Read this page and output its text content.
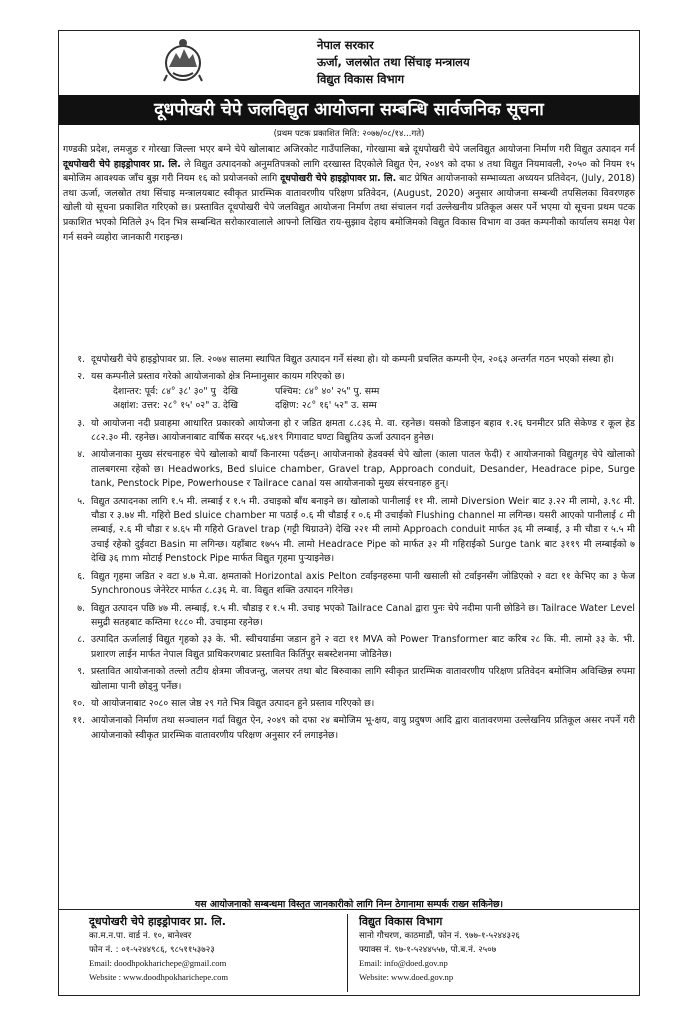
नेपाल सरकार
ऊर्जा, जलस्रोत तथा सिंचाइ मन्त्रालय
विद्युत विकास विभाग
दूधपोखरी चेपे जलविद्युत आयोजना सम्बन्धि सार्वजनिक सूचना
(प्रथम पटक प्रकाशित मिति: २०७७/०८/१४...गते)
गण्डकी प्रदेश, लमजुङ र गोरखा जिल्ला भएर बग्ने चेपे खोलाबाट अजिरकोट गाउँपालिका, गोरखामा बन्ने दूधपोखरी चेपे जलविद्युत आयोजना निर्माण गरी विद्युत उत्पादन गर्न दूधपोखरी चेपे हाइड्रोपावर प्रा. लि. ले विद्युत उत्पादनको अनुमतिपत्रको लागि दरखास्त दिएकोले विद्युत ऐन, २०४९ को दफा ४ तथा विद्युत नियमावली, २०५० को नियम १५ बमोजिम आवश्यक जाँच बुझ गरी नियम १६ को प्रयोजनको लागि दूधपोखरी चेपे हाइड्रोपावर प्रा. लि. बाट प्रेषित आयोजनाको सम्भाव्यता अध्ययन प्रतिवेदन, (July, 2018) तथा ऊर्जा, जलस्रोत तथा सिंचाइ मन्त्रालयबाट स्वीकृत प्रारम्भिक वातावरणीय परिक्षण प्रतिवेदन, (August, 2020) अनुसार आयोजना सम्बन्धी तपसिलका विवरणहरु खोली यो सूचना प्रकाशित गरिएको छ। प्रस्तावित दूधपोखरी चेपे जलविद्युत आयोजना निर्माण तथा संचालन गर्दा उल्लेखनीय प्रतिकूल असर पर्ने भएमा यो सूचना प्रथम पटक प्रकाशित भएको मितिले ३५ दिन भित्र सम्बन्धित सरोकारवालाले आफ्नो लिखित राय-सुझाव देहाय बमोजिमको विद्युत विकास विभाग वा उक्त कम्पनीको कार्यालय समक्ष पेश गर्न सक्ने व्यहोरा जानकारी गराइन्छ।
१. दूधपोखरी चेपे हाइड्रोपावर प्रा. लि. २०७४ सालमा स्थापित विद्युत उत्पादन गर्ने संस्था हो। यो कम्पनी प्रचलित कम्पनी ऐन, २०६३ अन्तर्गत गठन भएको संस्था हो।
२. यस कम्पनीले प्रस्ताव गरेको आयोजनाको क्षेत्र निम्नानुसार कायम गरिएको छ।
देशान्तर: पूर्व: ८४° ३८' ३०" पु देखि	पश्चिम: ८४° ४०' २५" पु. सम्म
अक्षांश: उत्तर: २८° १५' ०२" उ. देखि	दक्षिण: २८° १६' ५२" उ. सम्म
३. यो आयोजना नदी प्रवाहमा आधारित प्रकारको आयोजना हो र जडित क्षमता ८.८३६ मे. वा. रहनेछ। यसको डिजाइन बहाव १.२६ घनमीटर प्रति सेकेण्ड र कूल हेड ८८२.३० मी. रहनेछ। आयोजनाबाट वार्षिक सरदर ५६.४१९ गिगावाट घण्टा विद्युतिय ऊर्जा उत्पादन हुनेछ।
४. आयोजनाका मुख्य संरचनाहरु चेपे खोलाको बायाँ किनारमा पर्दछन्। आयोजनाको हेडवर्क्स चेपे खोला (काला पातल फेदी) र आयोजनाको विद्युतगृह चेपे खोलाको तालबगरमा रहेको छ। Headworks, Bed sluice chamber, Gravel trap, Approach conduit, Desander, Headrace pipe, Surge tank, Penstock Pipe, Powerhouse र Tailrace canal यस आयोजनाको मुख्य संरचनाहरु हुन्।
५. विद्युत उत्पादनका लागि १.५ मी. लम्बाई र १.५ मी. उचाइको बाँध बनाइने छ। खोलाको पानीलाई ११ मी. लामो Diversion Weir बाट ३.२२ मी लामो, ३.९८ मी. चौडा र ३.७४ मी. गहिरो Bed sluice chamber मा पठाई ०.६ मी चौडाई र ०.६ मी उचाईको Flushing channel मा लगिन्छ। यसरी आएको पानीलाई ८ मी लम्बाई, २.६ मी चौडा र ४.६५ मी गहिरो Gravel trap (गट्टी थिग्राउने) देखि २२१ मी लामो Approach conduit मार्फत ३६ मी लम्बाई, ३ मी चौडा र ५.५ मी उचाई रहेको दुईवटा Basin मा लगिन्छ। यहाँबाट १७५५ मी. लामो Headrace Pipe को मार्फत ३२ मी गहिराईको Surge tank बाट ३११९ मी लम्बाईको ७ देखि ३६ mm मोटाई Penstock Pipe मार्फत विद्युत गृहमा पुऱ्याइनेछ।
६. विद्युत गृहमा जडित २ वटा ४.७ मे.वा. क्षमताको Horizontal axis Pelton टर्वाइनहरुमा पानी खसाली सो टर्वाइनसँग जोडिएको २ वटा ११ केभिए का ३ फेज Synchronous जेनेरेटर मार्फत ८.८३६ मे. वा. विद्युत शक्ति उत्पादन गरिनेछ।
७. विद्युत उत्पादन पछि ४७ मी. लम्बाई, १.५ मी. चौडाइ र १.५ मी. उचाइ भएको Tailrace Canal द्वारा पुनः चेपे नदीमा पानी छोडिने छ। Tailrace Water Level समुद्री सतहबाट कम्तिमा १८८० मी. उचाइमा रहनेछ।
८. उत्पादित ऊर्जालाई विद्युत गृहको ३३ के. भी. स्वीचयार्डमा जडान हुने २ वटा ११ MVA को Power Transformer बाट करिब २८ कि. मी. लामो ३३ के. भी. प्रशारण लाईन मार्फत नेपाल विद्युत प्राधिकरणबाट प्रस्तावित किर्तिपुर सबस्टेशनमा जोडिनेछ।
९. प्रस्तावित आयोजनाको तल्लो तटीय क्षेत्रमा जीवजन्तु, जलचर तथा बोट बिरुवाका लागि स्वीकृत प्रारम्भिक वातावरणीय परिक्षण प्रतिवेदन बमोजिम अविच्छिन्न रुपमा खोलामा पानी छोड्नु पर्नेछ।
१०. यो आयोजनाबाट २०८० साल जेष्ठ २९ गते भित्र विद्युत उत्पादन हुने प्रस्ताव गरिएको छ।
११. आयोजनाको निर्माण तथा सञ्चालन गर्दा विद्युत ऐन, २०४९ को दफा २४ बमोजिम भू-क्षय, वायु प्रदुषण आदि द्वारा वातावरणमा उल्लेखनिय प्रतिकूल असर नपर्ने गरी आयोजनाको स्वीकृत प्रारम्भिक वातावरणीय परिक्षण अनुसार रर्न लगाइनेछ।
यस आयोजनाको सम्बन्धमा विस्तृत जानकारीको लागि निम्न ठेगानामा सम्पर्क राख्न सकिनेछ।
दूधपोखरी चेपे हाइड्रोपावर प्रा. लि.
का.म.न.पा. वार्ड नं. १०, बानेश्वर
फोन नं. : ०१-५२४४९८६, ९८५११५३७२३
Email: doodhpokharichepe@gmail.com
Website : www.doodhpokharichepe.com
विद्युत विकास विभाग
सानो गौचरण, काठमाडौं, फोन नं. ९७७-१-५२४४३२६
फ्याक्स नं. ९७-१-५२४४५५७, पो.ब.नं. २५०७
Email: info@doed.gov.np
Website: www.doed.gov.np
